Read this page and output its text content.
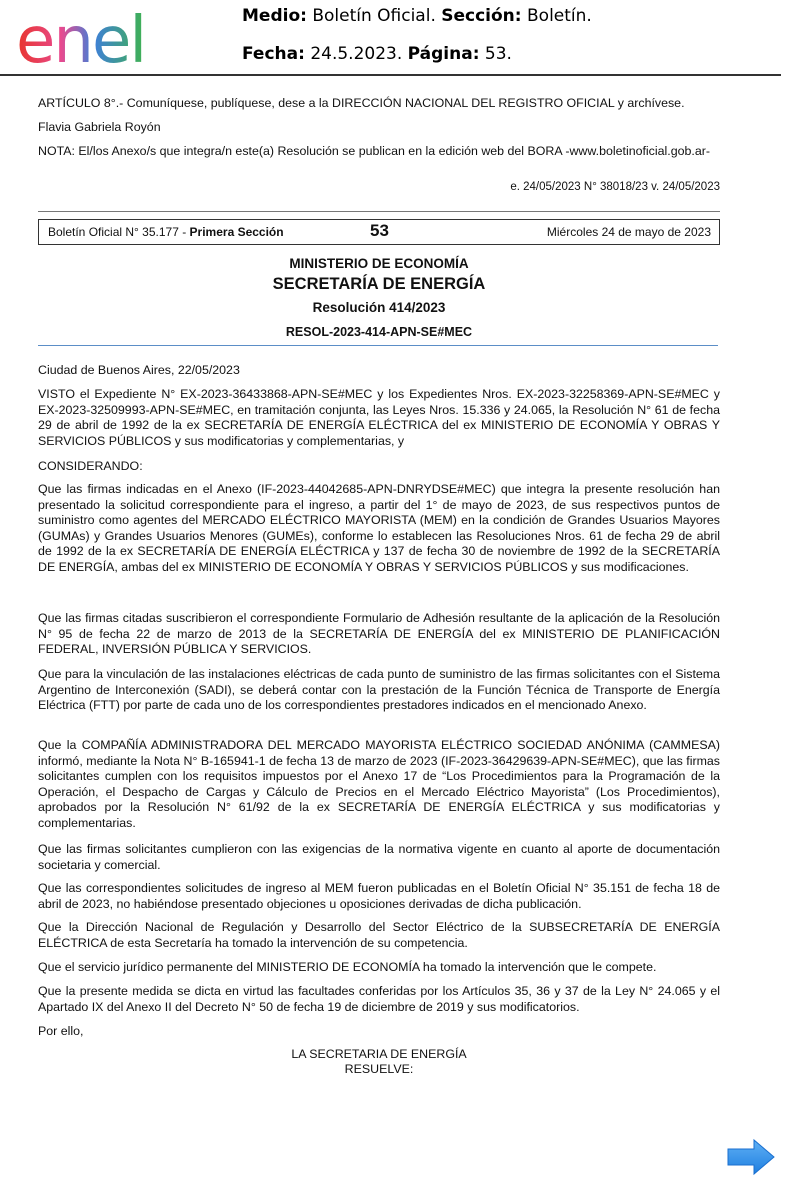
enel	Medio: Boletín Oficial. Sección: Boletín.
Fecha: 24.5.2023. Página: 53.
ARTÍCULO 8°.- Comuníquese, publíquese, dese a la DIRECCIÓN NACIONAL DEL REGISTRO OFICIAL y archívese.
Flavia Gabriela Royón
NOTA: El/los Anexo/s que integra/n este(a) Resolución se publican en la edición web del BORA -www.boletinoficial.gob.ar-
e. 24/05/2023 N° 38018/23 v. 24/05/2023
Boletín Oficial N° 35.177 - Primera Sección	53	Miércoles 24 de mayo de 2023
MINISTERIO DE ECONOMÍA
SECRETARÍA DE ENERGÍA
Resolución 414/2023
RESOL-2023-414-APN-SE#MEC
Ciudad de Buenos Aires, 22/05/2023
VISTO el Expediente N° EX-2023-36433868-APN-SE#MEC y los Expedientes Nros. EX-2023-32258369-APN-SE#MEC y EX-2023-32509993-APN-SE#MEC, en tramitación conjunta, las Leyes Nros. 15.336 y 24.065, la Resolución N° 61 de fecha 29 de abril de 1992 de la ex SECRETARÍA DE ENERGÍA ELÉCTRICA del ex MINISTERIO DE ECONOMÍA Y OBRAS Y SERVICIOS PÚBLICOS y sus modificatorias y complementarias, y
CONSIDERANDO:
Que las firmas indicadas en el Anexo (IF-2023-44042685-APN-DNRYDSE#MEC) que integra la presente resolución han presentado la solicitud correspondiente para el ingreso, a partir del 1° de mayo de 2023, de sus respectivos puntos de suministro como agentes del MERCADO ELÉCTRICO MAYORISTA (MEM) en la condición de Grandes Usuarios Mayores (GUMAs) y Grandes Usuarios Menores (GUMEs), conforme lo establecen las Resoluciones Nros. 61 de fecha 29 de abril de 1992 de la ex SECRETARÍA DE ENERGÍA ELÉCTRICA y 137 de fecha 30 de noviembre de 1992 de la SECRETARÍA DE ENERGÍA, ambas del ex MINISTERIO DE ECONOMÍA Y OBRAS Y SERVICIOS PÚBLICOS y sus modificaciones.
Que las firmas citadas suscribieron el correspondiente Formulario de Adhesión resultante de la aplicación de la Resolución N° 95 de fecha 22 de marzo de 2013 de la SECRETARÍA DE ENERGÍA del ex MINISTERIO DE PLANIFICACIÓN FEDERAL, INVERSIÓN PÚBLICA Y SERVICIOS.
Que para la vinculación de las instalaciones eléctricas de cada punto de suministro de las firmas solicitantes con el Sistema Argentino de Interconexión (SADI), se deberá contar con la prestación de la Función Técnica de Transporte de Energía Eléctrica (FTT) por parte de cada uno de los correspondientes prestadores indicados en el mencionado Anexo.
Que la COMPAÑÍA ADMINISTRADORA DEL MERCADO MAYORISTA ELÉCTRICO SOCIEDAD ANÓNIMA (CAMMESA) informó, mediante la Nota N° B-165941-1 de fecha 13 de marzo de 2023 (IF-2023-36429639-APN-SE#MEC), que las firmas solicitantes cumplen con los requisitos impuestos por el Anexo 17 de “Los Procedimientos para la Programación de la Operación, el Despacho de Cargas y Cálculo de Precios en el Mercado Eléctrico Mayorista” (Los Procedimientos), aprobados por la Resolución N° 61/92 de la ex SECRETARÍA DE ENERGÍA ELÉCTRICA y sus modificatorias y complementarias.
Que las firmas solicitantes cumplieron con las exigencias de la normativa vigente en cuanto al aporte de documentación societaria y comercial.
Que las correspondientes solicitudes de ingreso al MEM fueron publicadas en el Boletín Oficial N° 35.151 de fecha 18 de abril de 2023, no habiéndose presentado objeciones u oposiciones derivadas de dicha publicación.
Que la Dirección Nacional de Regulación y Desarrollo del Sector Eléctrico de la SUBSECRETARÍA DE ENERGÍA ELÉCTRICA de esta Secretaría ha tomado la intervención de su competencia.
Que el servicio jurídico permanente del MINISTERIO DE ECONOMÍA ha tomado la intervención que le compete.
Que la presente medida se dicta en virtud las facultades conferidas por los Artículos 35, 36 y 37 de la Ley N° 24.065 y el Apartado IX del Anexo II del Decreto N° 50 de fecha 19 de diciembre de 2019 y sus modificatorios.
Por ello,
LA SECRETARIA DE ENERGÍA
RESUELVE:
